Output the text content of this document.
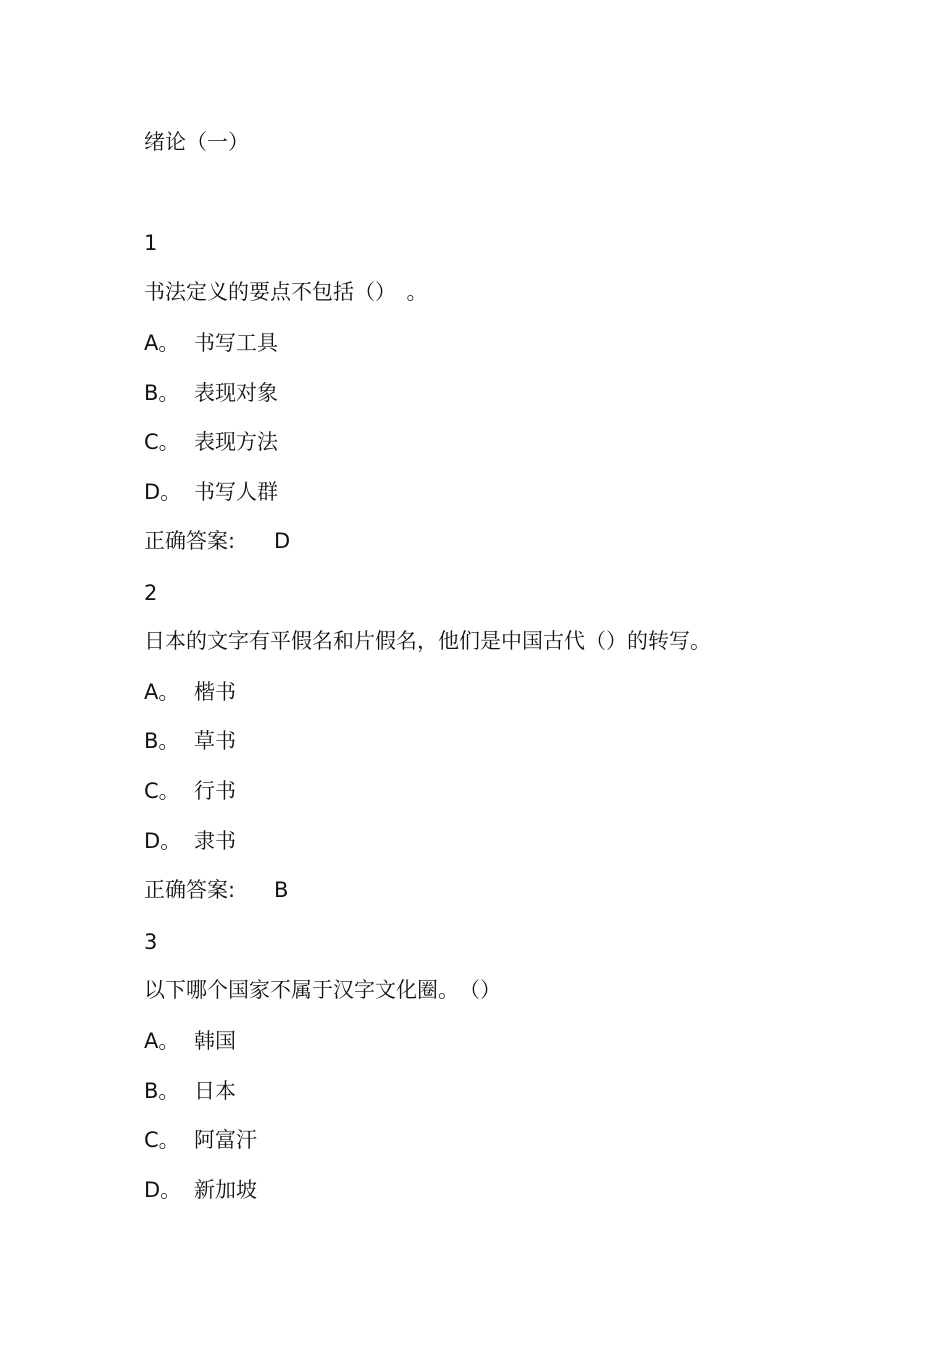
绪论（一）
1
书法定义的要点不包括（）　。
A。 书写工具
B。 表现对象
C。 表现方法
D。 书写人群
正确答案: D
2
日本的文字有平假名和片假名，他们是中国古代（）的转写。
A。 楷书
B。 草书
C。 行书
D。 隶书
正确答案: B
3
以下哪个国家不属于汉字文化圈。　（）
A。 韩国
B。 日本
C。 阿富汗
D。 新加坡
